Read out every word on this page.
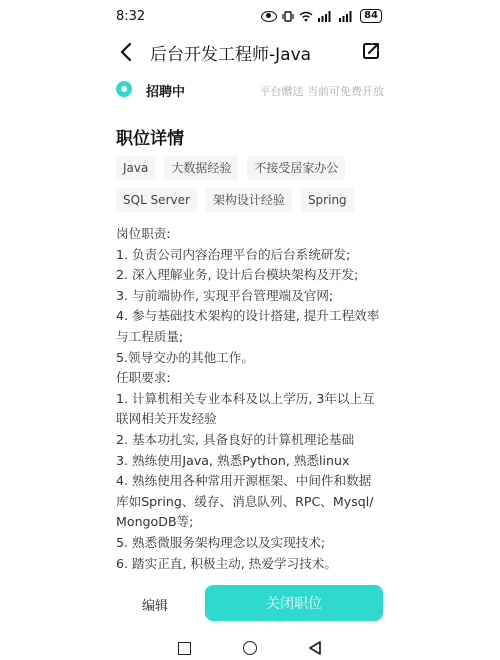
8:32	84
后台开发工程师-Java
招聘中	平台赠送 当前可免费开放
职位详情
Java	大数据经验	不接受居家办公
SQL Server	架构设计经验	Spring
岗位职责:
1. 负责公司内容治理平台的后台系统研发;
2. 深入理解业务, 设计后台模块架构及开发;
3. 与前端协作, 实现平台管理端及官网;
4. 参与基础技术架构的设计搭建, 提升工程效率
与工程质量;
5.领导交办的其他工作。
任职要求:
1. 计算机相关专业本科及以上学历, 3年以上互
联网相关开发经验
2. 基本功扎实, 具备良好的计算机理论基础
3. 熟练使用Java, 熟悉Python, 熟悉linux
4. 熟练使用各种常用开源框架、中间件和数据
库如Spring、缓存、消息队列、RPC、Mysql/
MongoDB等;
5. 熟悉微服务架构理念以及实现技术;
6. 踏实正直, 积极主动, 热爱学习技术。
编辑	关闭职位
